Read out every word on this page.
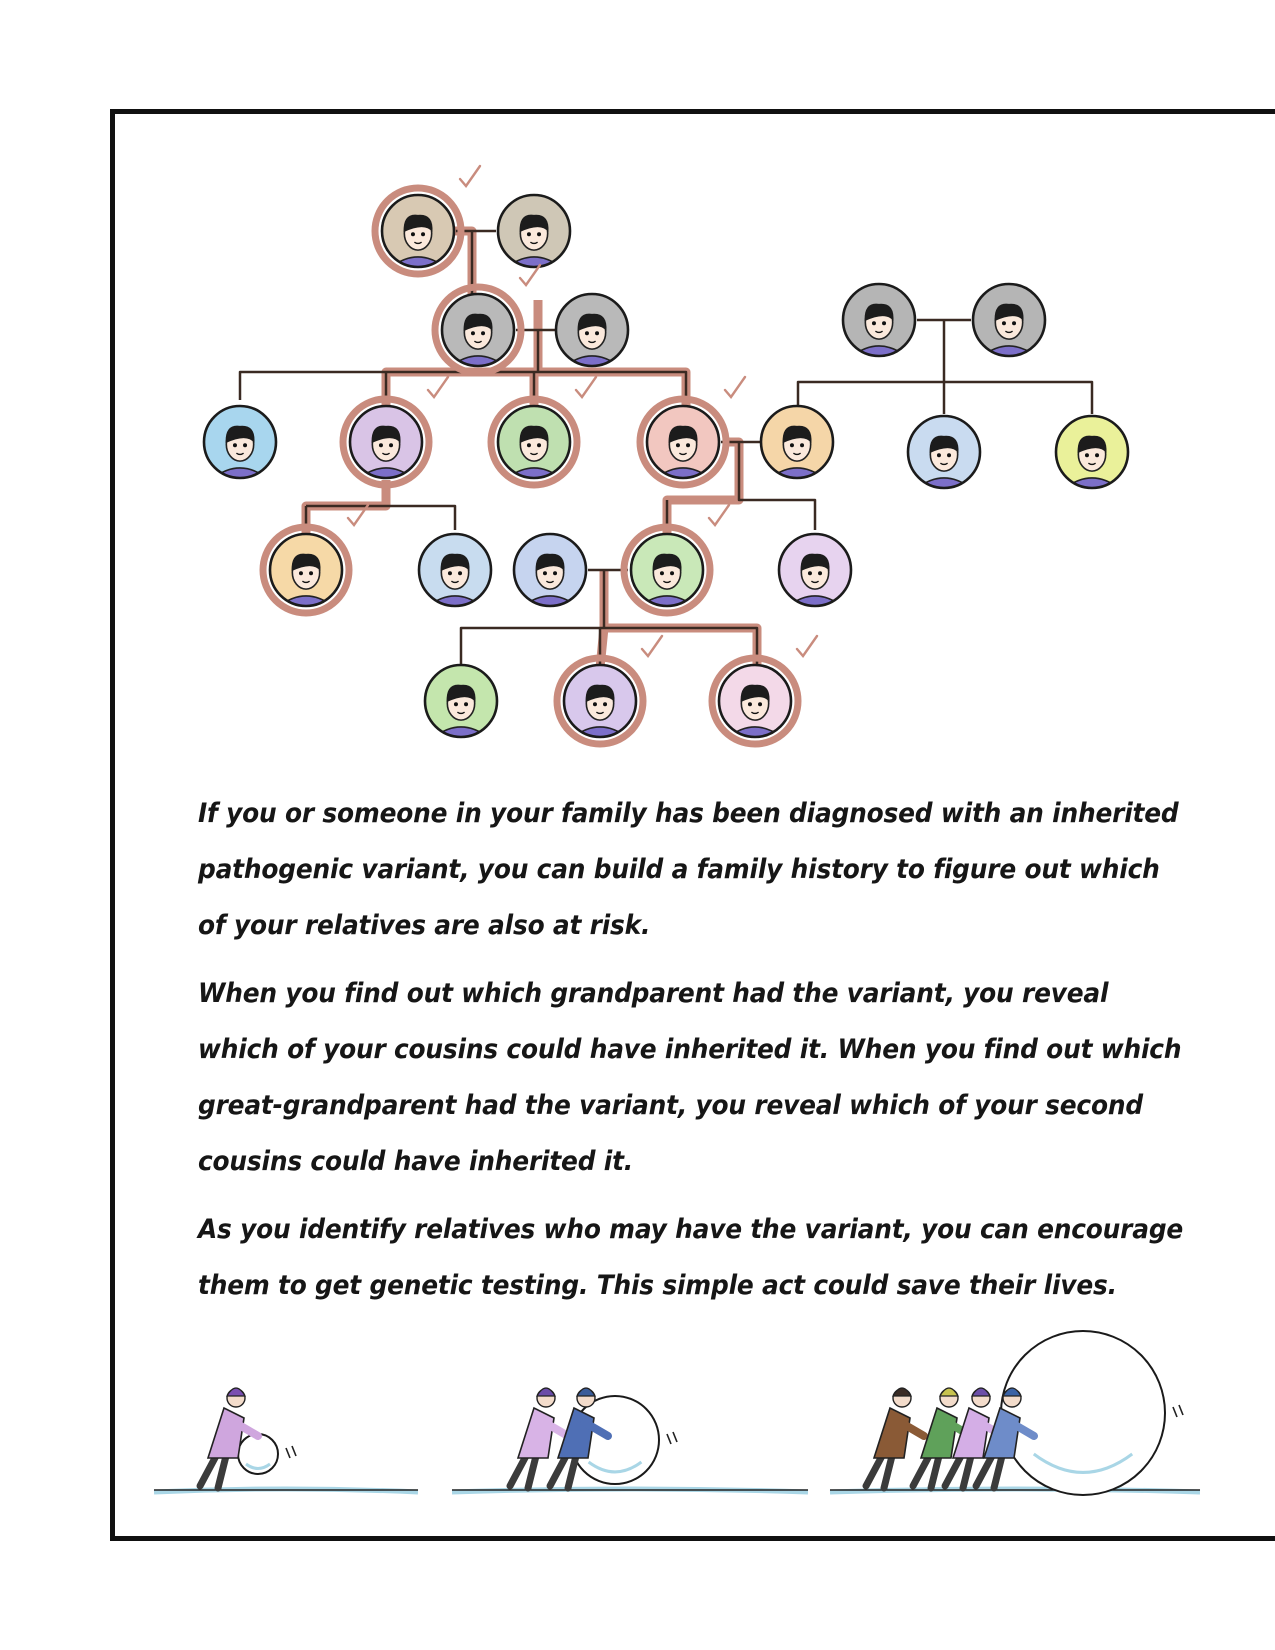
If you or someone in your family has been diagnosed with an inherited
pathogenic variant, you can build a family history to figure out which
of your relatives are also at risk.

When you find out which grandparent had the variant, you reveal
which of your cousins could have inherited it. When you find out which
great-grandparent had the variant, you reveal which of your second
cousins could have inherited it.

As you identify relatives who may have the variant, you can encourage
them to get genetic testing. This simple act could save their lives.
